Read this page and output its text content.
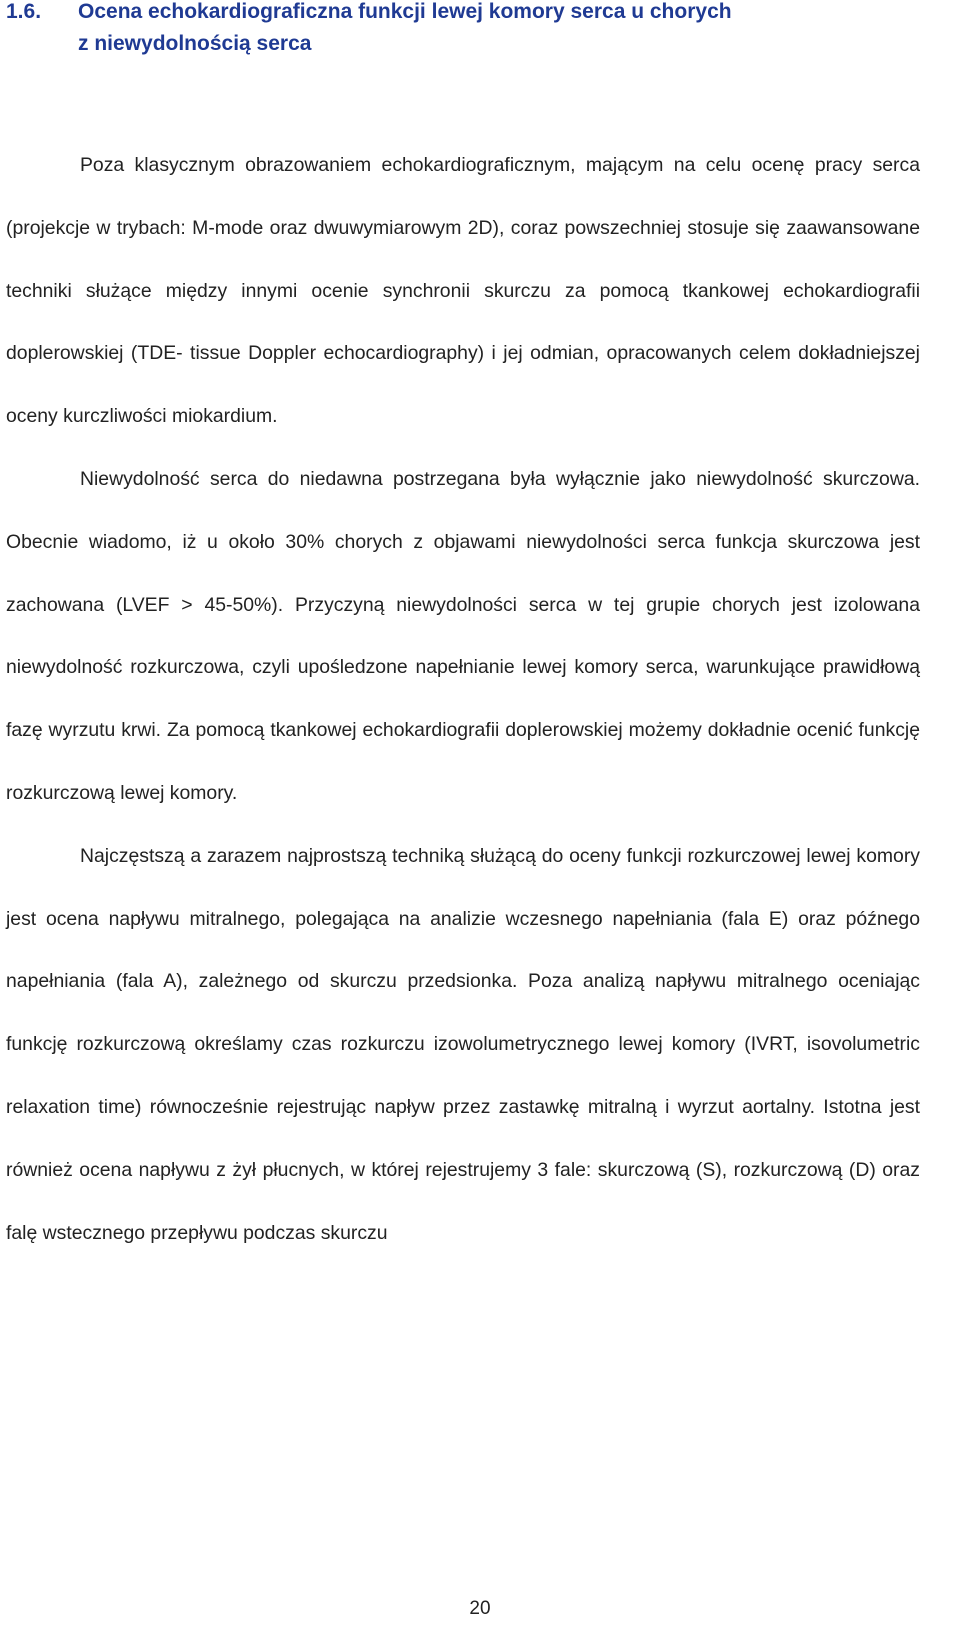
1.6. Ocena echokardiograficzna funkcji lewej komory serca u chorych
z niewydolnością serca

Poza klasycznym obrazowaniem echokardiograficznym, mającym na celu ocenę pracy serca (projekcje w trybach: M-mode oraz dwuwymiarowym 2D), coraz powszechniej stosuje się zaawansowane techniki służące między innymi ocenie synchronii skurczu za pomocą tkankowej echokardiografii doplerowskiej (TDE- tissue Doppler echocardiography) i jej odmian, opracowanych celem dokładniejszej oceny kurczliwości miokardium.

Niewydolność serca do niedawna postrzegana była wyłącznie jako niewydolność skurczowa. Obecnie wiadomo, iż u około 30% chorych z objawami niewydolności serca funkcja skurczowa jest zachowana (LVEF > 45-50%). Przyczyną niewydolności serca w tej grupie chorych jest izolowana niewydolność rozkurczowa, czyli upośledzone napełnianie lewej komory serca, warunkujące prawidłową fazę wyrzutu krwi. Za pomocą tkankowej echokardiografii doplerowskiej możemy dokładnie ocenić funkcję rozkurczową lewej komory.

Najczęstszą a zarazem najprostszą techniką służącą do oceny funkcji rozkurczowej lewej komory jest ocena napływu mitralnego, polegająca na analizie wczesnego napełniania (fala E) oraz późnego napełniania (fala A), zależnego od skurczu przedsionka. Poza analizą napływu mitralnego oceniając funkcję rozkurczową określamy czas rozkurczu izowolumetrycznego lewej komory (IVRT, isovolumetric relaxation time) równocześnie rejestrując napływ przez zastawkę mitralną i wyrzut aortalny. Istotna jest również ocena napływu z żył płucnych, w której rejestrujemy 3 fale: skurczową (S), rozkurczową (D) oraz falę wstecznego przepływu podczas skurczu

20
